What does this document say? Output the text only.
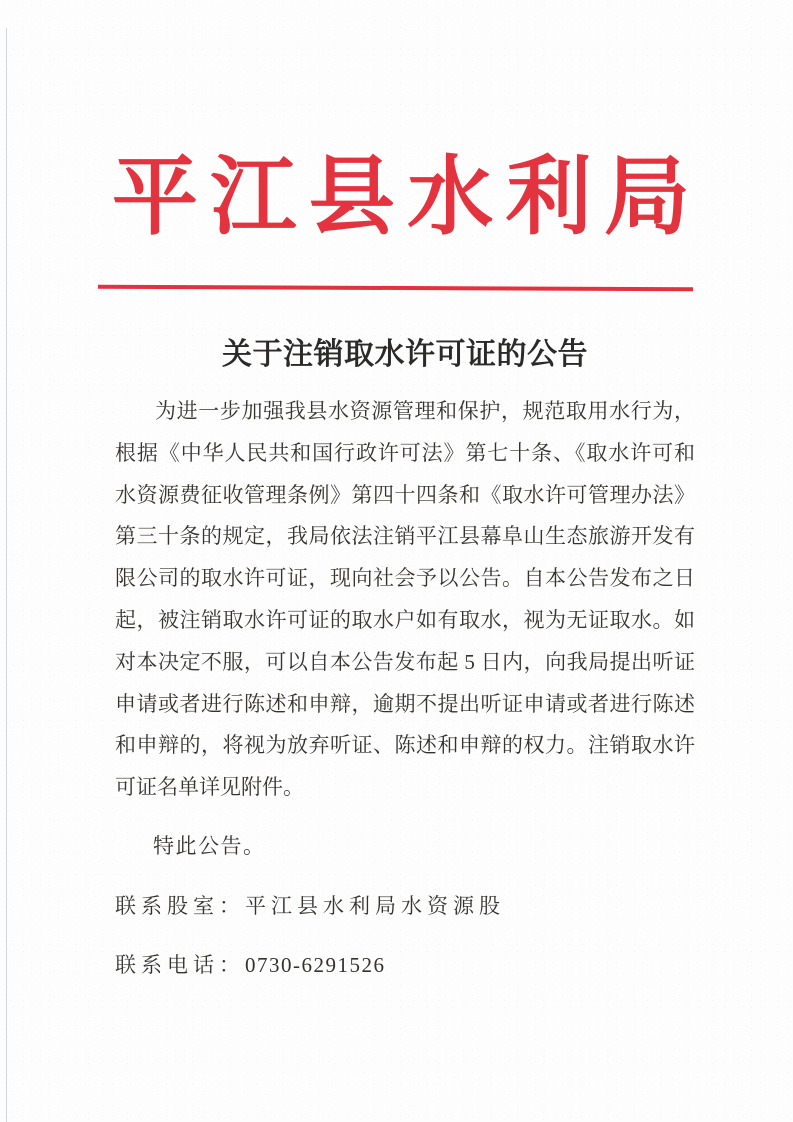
平江县水利局
关于注销取水许可证的公告

为进一步加强我县水资源管理和保护，规范取用水行为，

根据《中华人民共和国行政许可法》第七十条、《取水许可和

水资源费征收管理条例》第四十四条和《取水许可管理办法》

第三十条的规定，我局依法注销平江县幕阜山生态旅游开发有

限公司的取水许可证，现向社会予以公告。自本公告发布之日

起，被注销取水许可证的取水户如有取水，视为无证取水。如

对本决定不服，可以自本公告发布起 5 日内，向我局提出听证

申请或者进行陈述和申辩，逾期不提出听证申请或者进行陈述

和申辩的，将视为放弃听证、陈述和申辩的权力。注销取水许

可证名单详见附件。

特此公告。

联系股室：平江县水利局水资源股

联系电话：0730-6291526
